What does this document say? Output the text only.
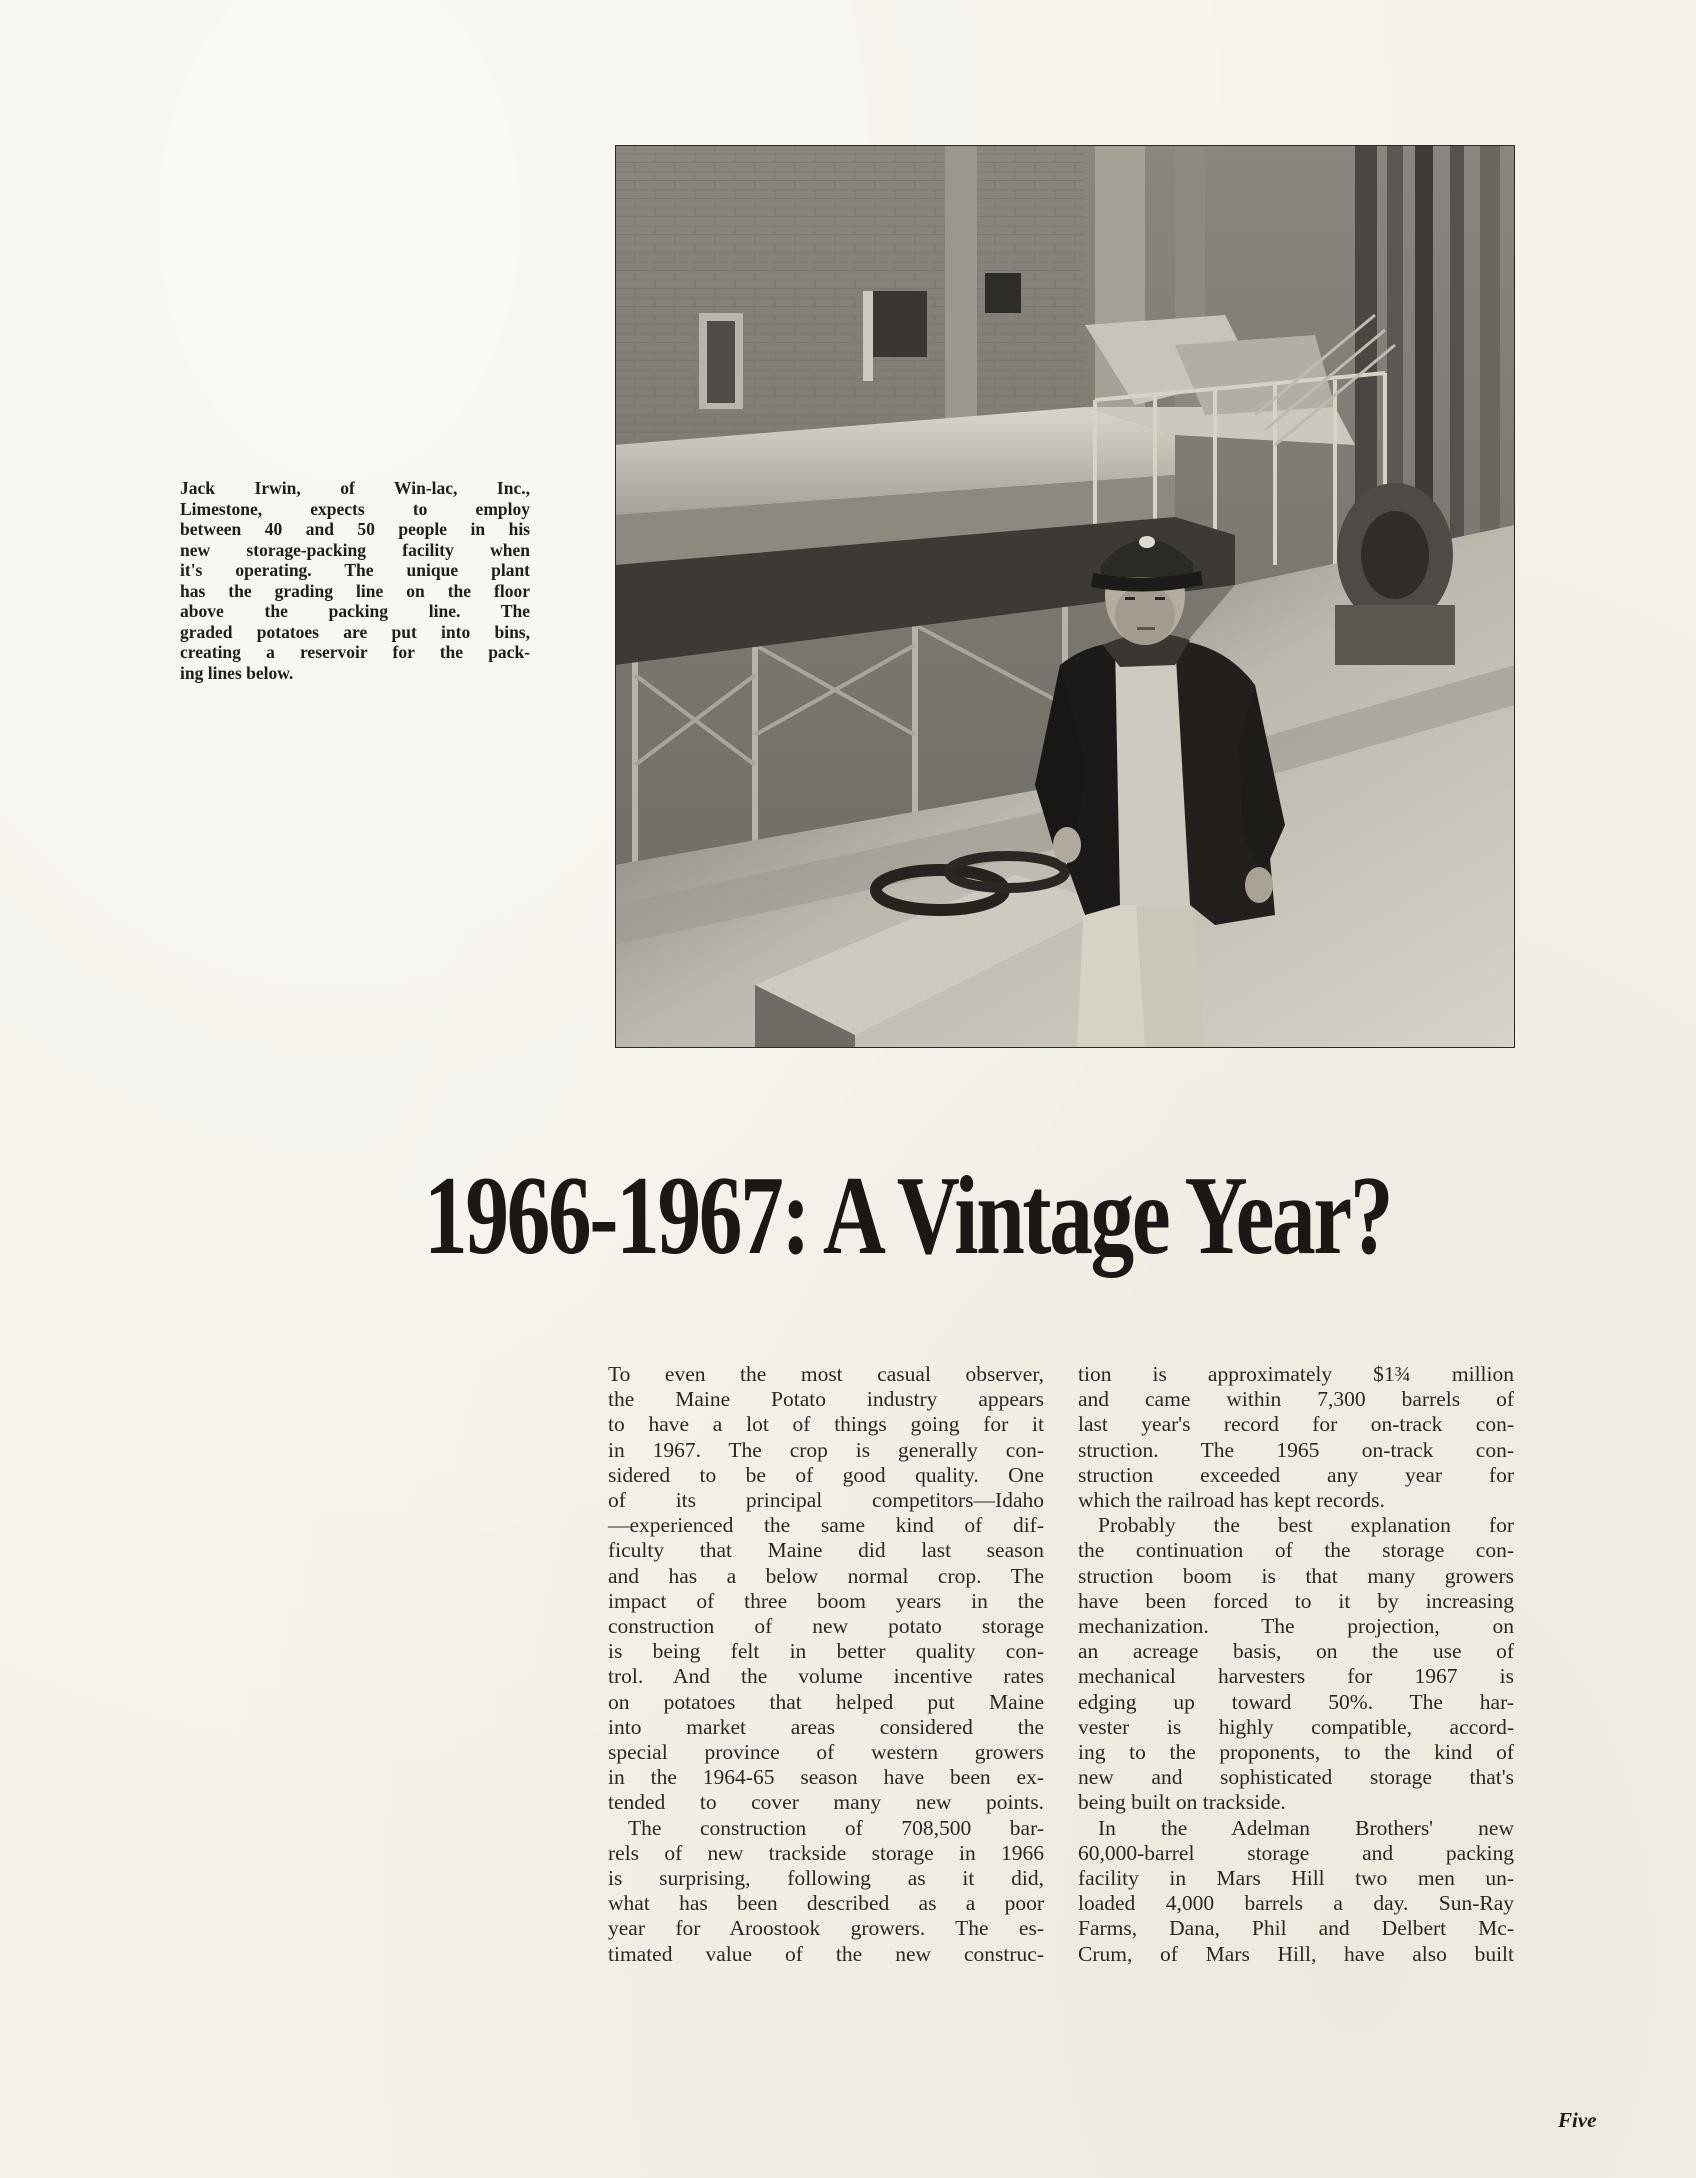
Jack Irwin, of Win-lac, Inc.,
Limestone, expects to employ
between 40 and 50 people in his
new storage-packing facility when
it's operating. The unique plant
has the grading line on the floor
above the packing line. The
graded potatoes are put into bins,
creating a reservoir for the pack-
ing lines below.
1966-1967: A Vintage Year?

To even the most casual observer,
the Maine Potato industry appears
to have a lot of things going for it
in 1967. The crop is generally con-
sidered to be of good quality. One
of its principal competitors—Idaho
—experienced the same kind of dif-
ficulty that Maine did last season
and has a below normal crop. The
impact of three boom years in the
construction of new potato storage
is being felt in better quality con-
trol. And the volume incentive rates
on potatoes that helped put Maine
into market areas considered the
special province of western growers
in the 1964-65 season have been ex-
tended to cover many new points.

The construction of 708,500 bar-

rels of new trackside storage in 1966
is surprising, following as it did,
what has been described as a poor
year for Aroostook growers. The es-
timated value of the new construc-

tion is approximately $1¾ million
and came within 7,300 barrels of
last year's record for on-track con-
struction. The 1965 on-track con-
struction exceeded any year for

which the railroad has kept records.

Probably the best explanation for

the continuation of the storage con-
struction boom is that many growers
have been forced to it by increasing
mechanization. The projection, on
an acreage basis, on the use of
mechanical harvesters for 1967 is
edging up toward 50%. The har-
vester is highly compatible, accord-
ing to the proponents, to the kind of
new and sophisticated storage that's

being built on trackside.

In the Adelman Brothers' new

60,000-barrel storage and packing
facility in Mars Hill two men un-
loaded 4,000 barrels a day. Sun-Ray
Farms, Dana, Phil and Delbert Mc-
Crum, of Mars Hill, have also built

Five
